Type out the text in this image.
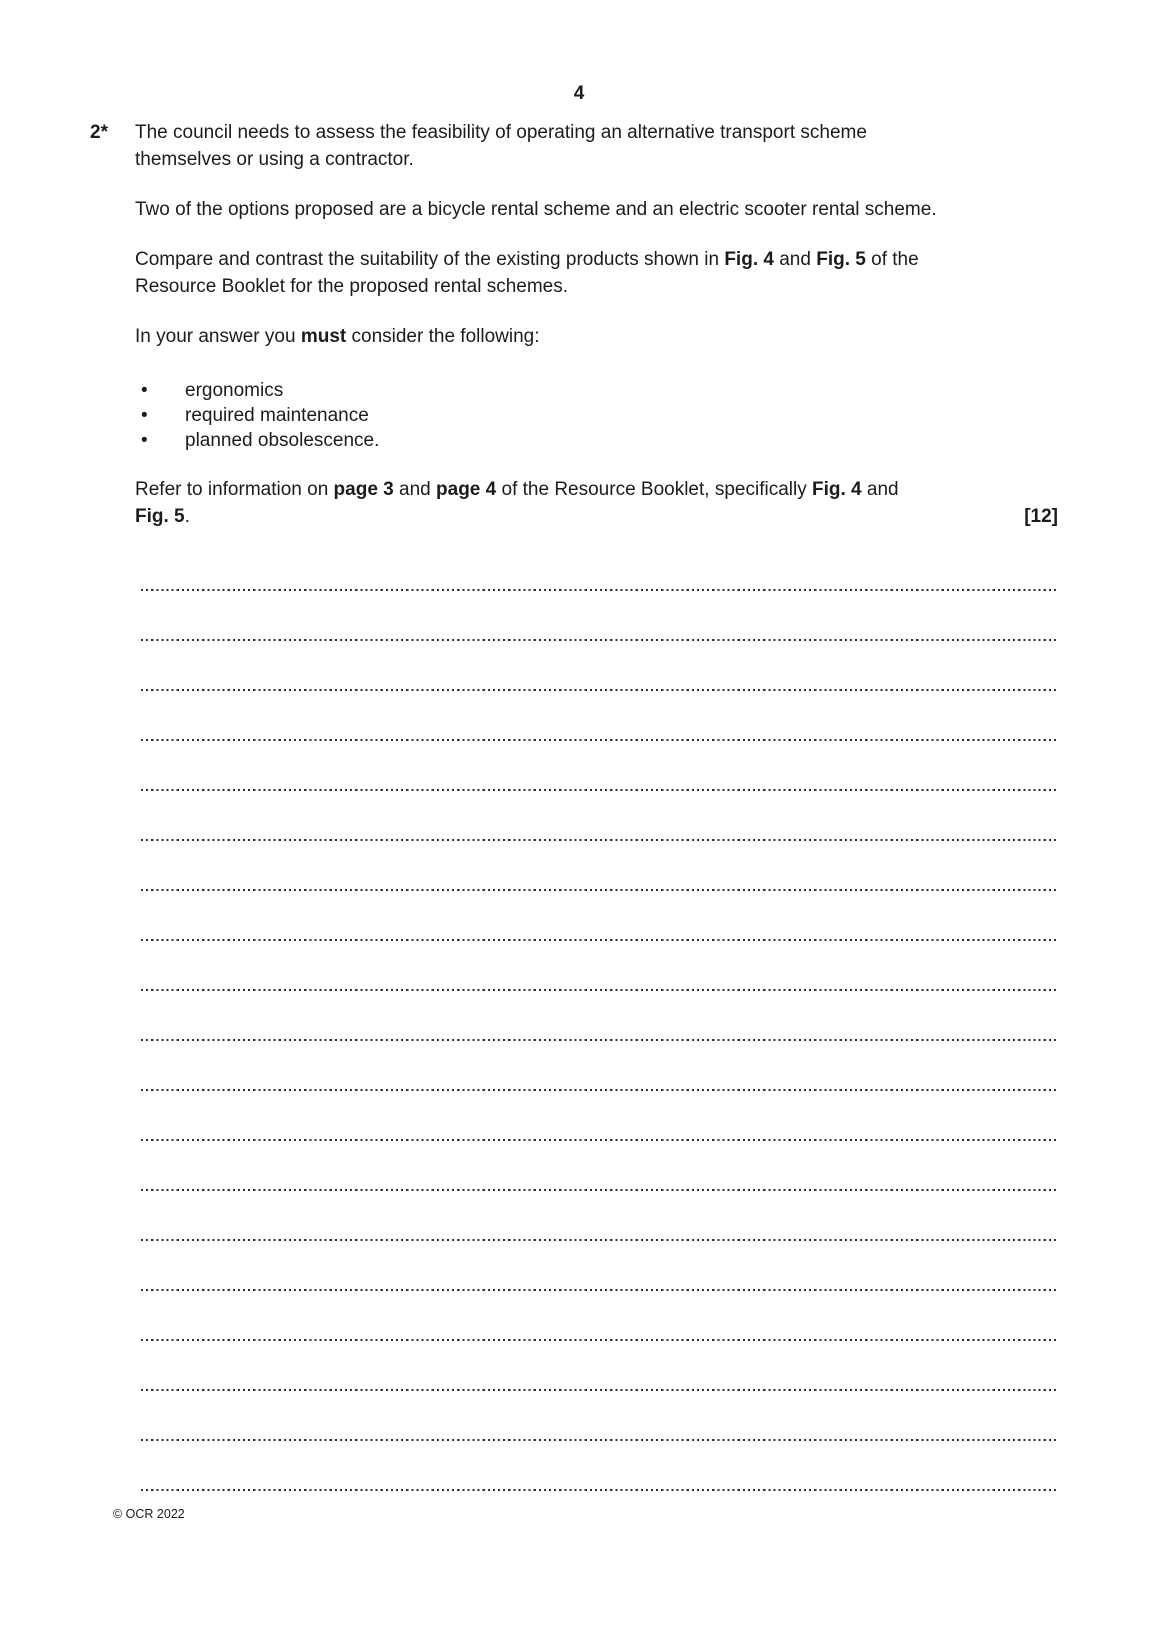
4
2*	The council needs to assess the feasibility of operating an alternative transport scheme
themselves or using a contractor.
Two of the options proposed are a bicycle rental scheme and an electric scooter rental scheme.
Compare and contrast the suitability of the existing products shown in Fig. 4 and Fig. 5 of the
Resource Booklet for the proposed rental schemes.
In your answer you must consider the following:
•	ergonomics
•	required maintenance
•	planned obsolescence.
Refer to information on page 3 and page 4 of the Resource Booklet, specifically Fig. 4 and
Fig. 5.	[12]
© OCR 2022
